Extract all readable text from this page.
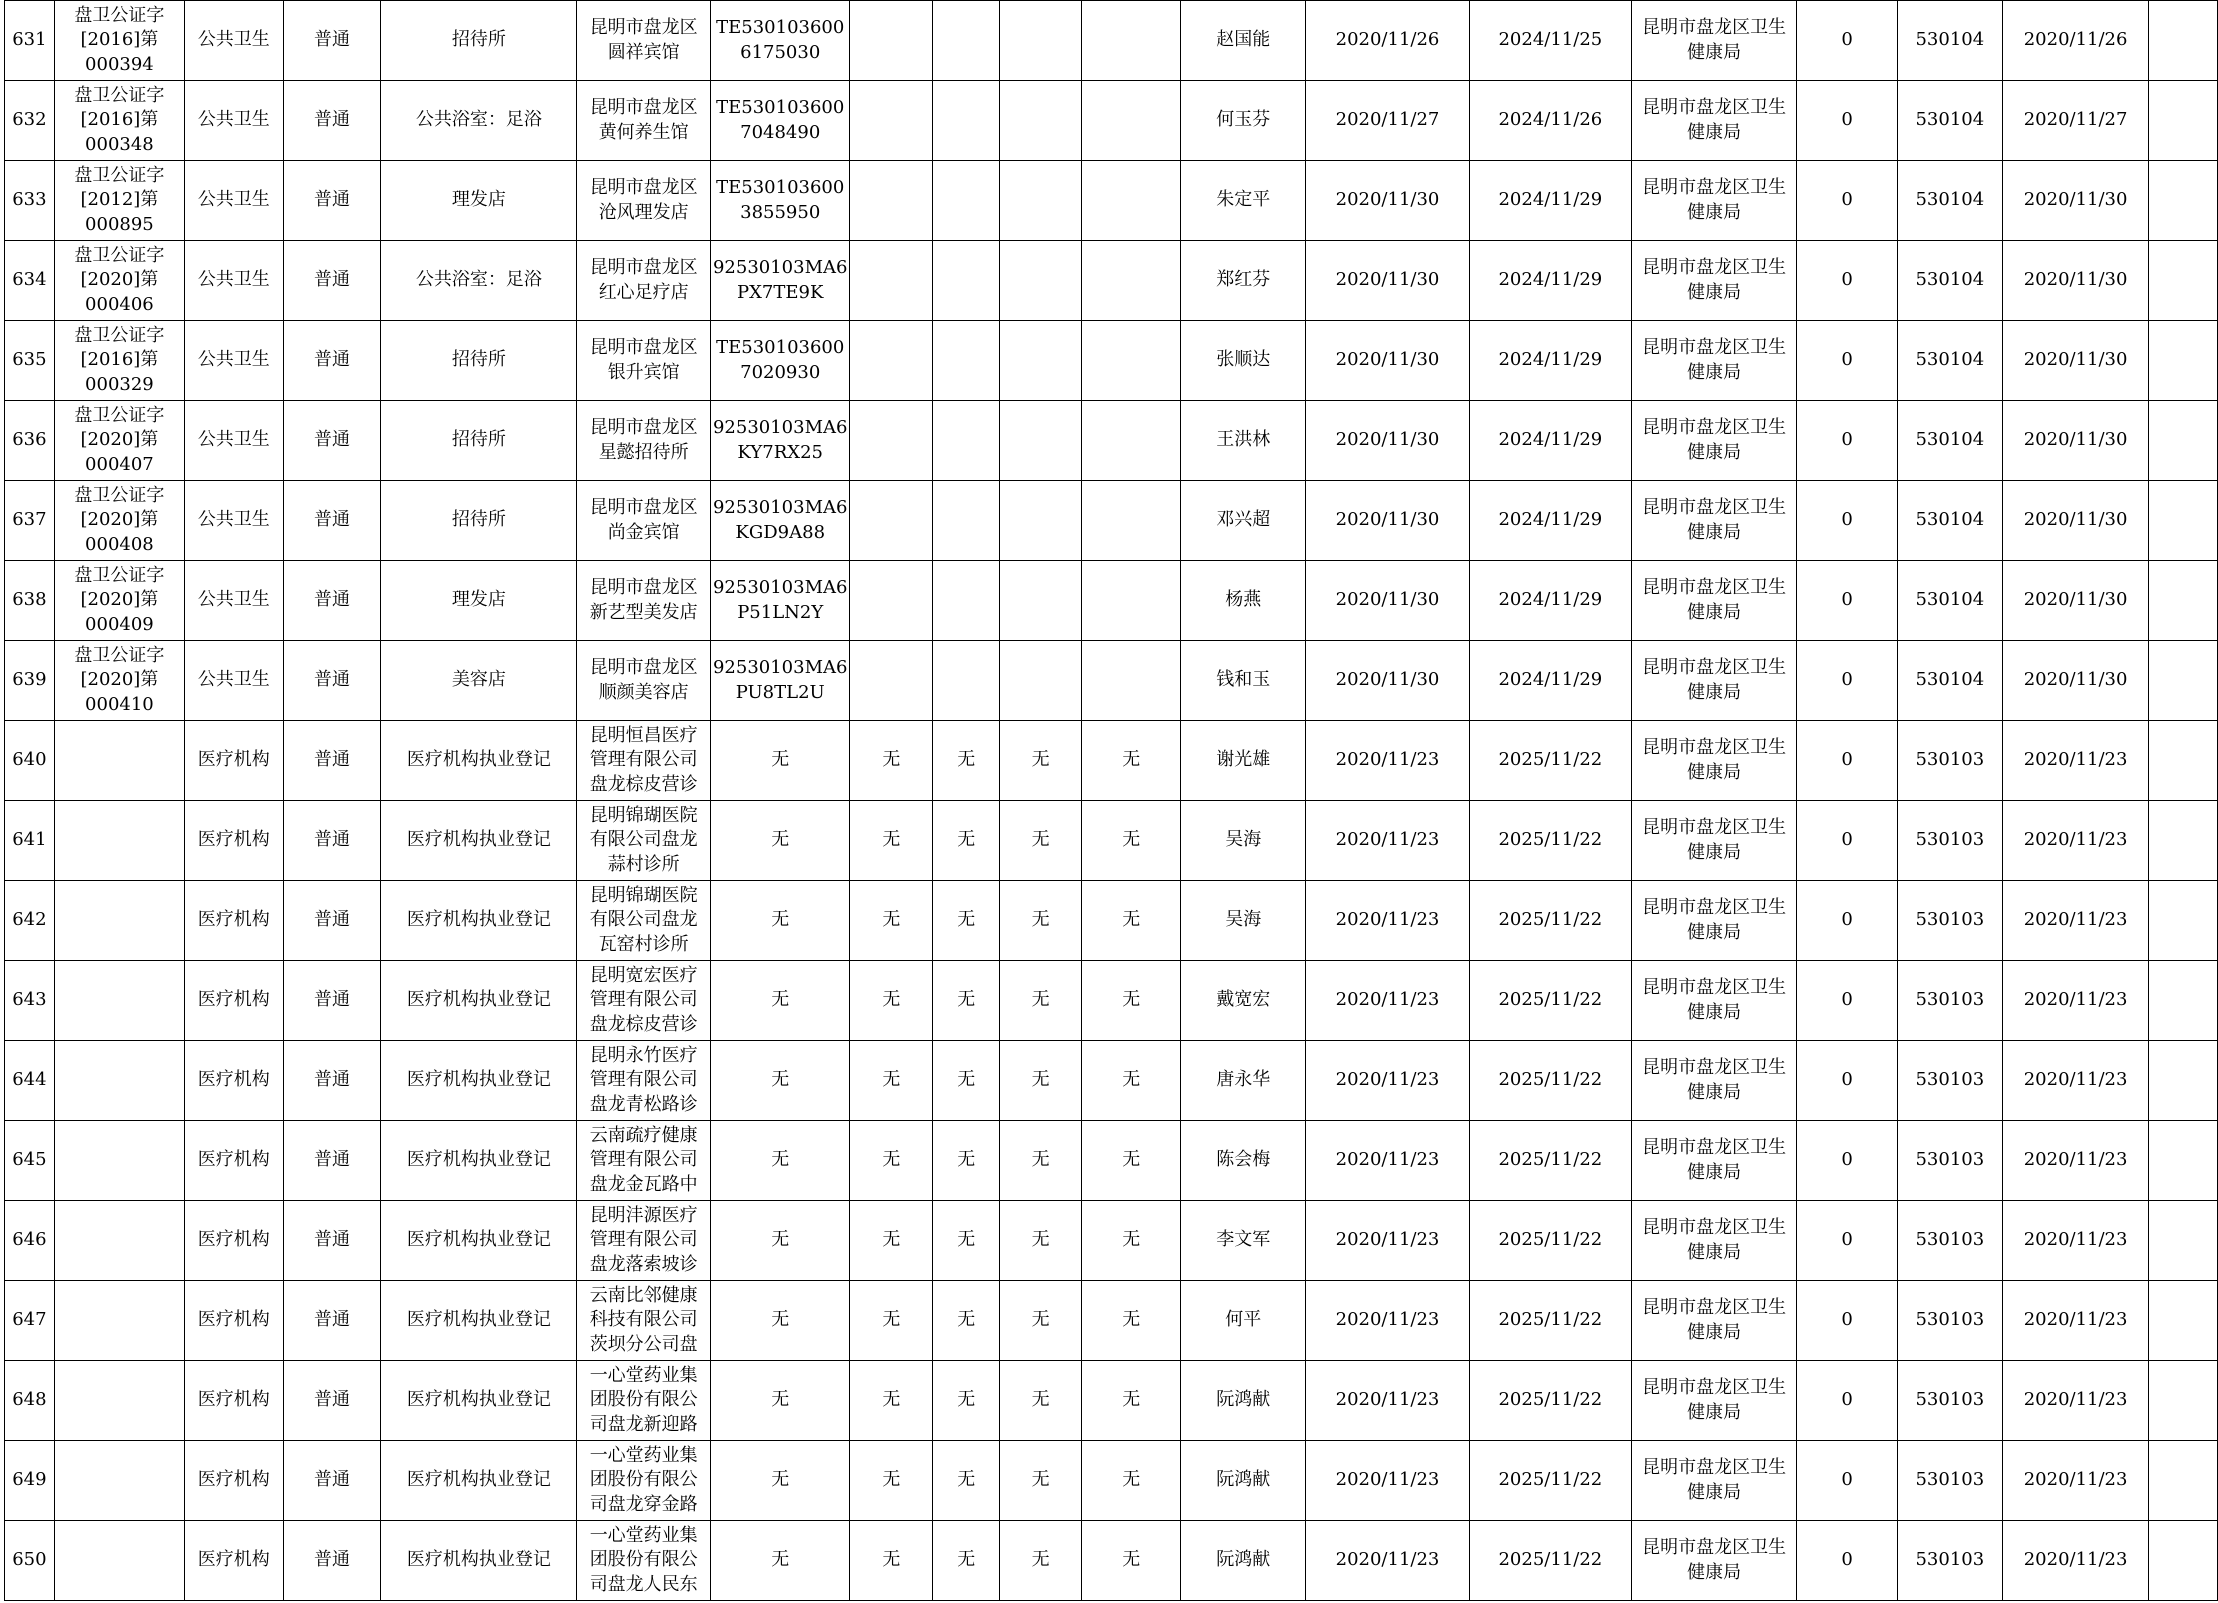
631	盘卫公证字
[2016]第
000394	公共卫生	普通	招待所	昆明市盘龙区
圆祥宾馆	TE530103600
6175030					赵国能	2020/11/26	2024/11/25	昆明市盘龙区卫生
健康局	0	530104	2020/11/26	
632	盘卫公证字
[2016]第
000348	公共卫生	普通	公共浴室：足浴	昆明市盘龙区
黄何养生馆	TE530103600
7048490					何玉芬	2020/11/27	2024/11/26	昆明市盘龙区卫生
健康局	0	530104	2020/11/27	
633	盘卫公证字
[2012]第
000895	公共卫生	普通	理发店	昆明市盘龙区
沧风理发店	TE530103600
3855950					朱定平	2020/11/30	2024/11/29	昆明市盘龙区卫生
健康局	0	530104	2020/11/30	
634	盘卫公证字
[2020]第
000406	公共卫生	普通	公共浴室：足浴	昆明市盘龙区
红心足疗店	92530103MA6
PX7TE9K					郑红芬	2020/11/30	2024/11/29	昆明市盘龙区卫生
健康局	0	530104	2020/11/30	
635	盘卫公证字
[2016]第
000329	公共卫生	普通	招待所	昆明市盘龙区
银升宾馆	TE530103600
7020930					张顺达	2020/11/30	2024/11/29	昆明市盘龙区卫生
健康局	0	530104	2020/11/30	
636	盘卫公证字
[2020]第
000407	公共卫生	普通	招待所	昆明市盘龙区
星懿招待所	92530103MA6
KY7RX25					王洪林	2020/11/30	2024/11/29	昆明市盘龙区卫生
健康局	0	530104	2020/11/30	
637	盘卫公证字
[2020]第
000408	公共卫生	普通	招待所	昆明市盘龙区
尚金宾馆	92530103MA6
KGD9A88					邓兴超	2020/11/30	2024/11/29	昆明市盘龙区卫生
健康局	0	530104	2020/11/30	
638	盘卫公证字
[2020]第
000409	公共卫生	普通	理发店	昆明市盘龙区
新艺型美发店	92530103MA6
P51LN2Y					杨燕	2020/11/30	2024/11/29	昆明市盘龙区卫生
健康局	0	530104	2020/11/30	
639	盘卫公证字
[2020]第
000410	公共卫生	普通	美容店	昆明市盘龙区
顺颜美容店	92530103MA6
PU8TL2U					钱和玉	2020/11/30	2024/11/29	昆明市盘龙区卫生
健康局	0	530104	2020/11/30	
640		医疗机构	普通	医疗机构执业登记	昆明恒昌医疗
管理有限公司
盘龙棕皮营诊	无	无	无	无	无	谢光雄	2020/11/23	2025/11/22	昆明市盘龙区卫生
健康局	0	530103	2020/11/23	
641		医疗机构	普通	医疗机构执业登记	昆明锦瑚医院
有限公司盘龙
蒜村诊所	无	无	无	无	无	吴海	2020/11/23	2025/11/22	昆明市盘龙区卫生
健康局	0	530103	2020/11/23	
642		医疗机构	普通	医疗机构执业登记	昆明锦瑚医院
有限公司盘龙
瓦窑村诊所	无	无	无	无	无	吴海	2020/11/23	2025/11/22	昆明市盘龙区卫生
健康局	0	530103	2020/11/23	
643		医疗机构	普通	医疗机构执业登记	昆明宽宏医疗
管理有限公司
盘龙棕皮营诊	无	无	无	无	无	戴宽宏	2020/11/23	2025/11/22	昆明市盘龙区卫生
健康局	0	530103	2020/11/23	
644		医疗机构	普通	医疗机构执业登记	昆明永竹医疗
管理有限公司
盘龙青松路诊	无	无	无	无	无	唐永华	2020/11/23	2025/11/22	昆明市盘龙区卫生
健康局	0	530103	2020/11/23	
645		医疗机构	普通	医疗机构执业登记	云南疏疗健康
管理有限公司
盘龙金瓦路中	无	无	无	无	无	陈会梅	2020/11/23	2025/11/22	昆明市盘龙区卫生
健康局	0	530103	2020/11/23	
646		医疗机构	普通	医疗机构执业登记	昆明沣源医疗
管理有限公司
盘龙落索坡诊	无	无	无	无	无	李文军	2020/11/23	2025/11/22	昆明市盘龙区卫生
健康局	0	530103	2020/11/23	
647		医疗机构	普通	医疗机构执业登记	云南比邻健康
科技有限公司
茨坝分公司盘	无	无	无	无	无	何平	2020/11/23	2025/11/22	昆明市盘龙区卫生
健康局	0	530103	2020/11/23	
648		医疗机构	普通	医疗机构执业登记	一心堂药业集
团股份有限公
司盘龙新迎路	无	无	无	无	无	阮鸿献	2020/11/23	2025/11/22	昆明市盘龙区卫生
健康局	0	530103	2020/11/23	
649		医疗机构	普通	医疗机构执业登记	一心堂药业集
团股份有限公
司盘龙穿金路	无	无	无	无	无	阮鸿献	2020/11/23	2025/11/22	昆明市盘龙区卫生
健康局	0	530103	2020/11/23	
650		医疗机构	普通	医疗机构执业登记	一心堂药业集
团股份有限公
司盘龙人民东	无	无	无	无	无	阮鸿献	2020/11/23	2025/11/22	昆明市盘龙区卫生
健康局	0	530103	2020/11/23	
